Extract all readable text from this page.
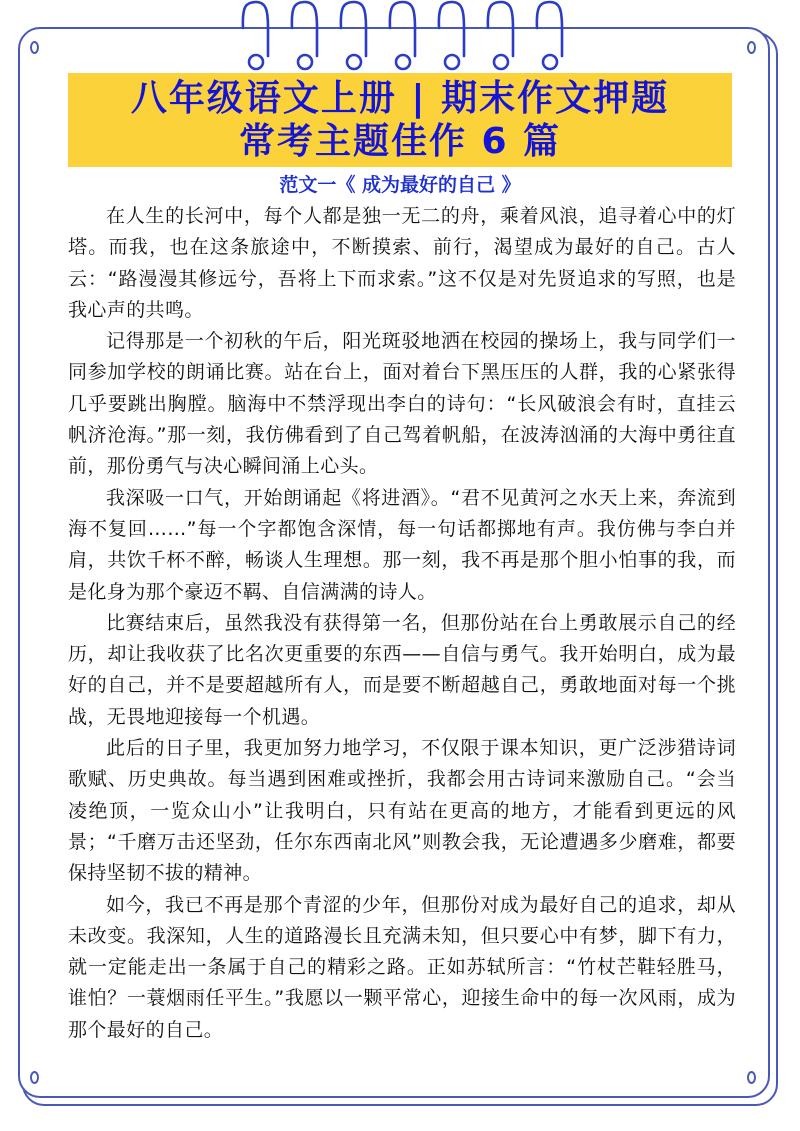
八年级语文上册 | 期末作文押题
常考主题佳作 6 篇
范文一《 成为最好的自己 》

在人生的长河中，每个人都是独一无二的舟，乘着风浪，追寻着心中的灯塔。而我，也在这条旅途中，不断摸索、前行，渴望成为最好的自己。古人云：“路漫漫其修远兮，吾将上下而求索。”这不仅是对先贤追求的写照，也是我心声的共鸣。

记得那是一个初秋的午后，阳光斑驳地洒在校园的操场上，我与同学们一同参加学校的朗诵比赛。站在台上，面对着台下黑压压的人群，我的心紧张得几乎要跳出胸膛。脑海中不禁浮现出李白的诗句：“长风破浪会有时，直挂云帆济沧海。”那一刻，我仿佛看到了自己驾着帆船，在波涛汹涌的大海中勇往直前，那份勇气与决心瞬间涌上心头。

我深吸一口气，开始朗诵起《将进酒》。“君不见黄河之水天上来，奔流到海不复回……”每一个字都饱含深情，每一句话都掷地有声。我仿佛与李白并肩，共饮千杯不醉，畅谈人生理想。那一刻，我不再是那个胆小怕事的我，而是化身为那个豪迈不羁、自信满满的诗人。

比赛结束后，虽然我没有获得第一名，但那份站在台上勇敢展示自己的经历，却让我收获了比名次更重要的东西——自信与勇气。我开始明白，成为最好的自己，并不是要超越所有人，而是要不断超越自己，勇敢地面对每一个挑战，无畏地迎接每一个机遇。

此后的日子里，我更加努力地学习，不仅限于课本知识，更广泛涉猎诗词歌赋、历史典故。每当遇到困难或挫折，我都会用古诗词来激励自己。“会当凌绝顶，一览众山小”让我明白，只有站在更高的地方，才能看到更远的风景；“千磨万击还坚劲，任尔东西南北风”则教会我，无论遭遇多少磨难，都要保持坚韧不拔的精神。

如今，我已不再是那个青涩的少年，但那份对成为最好自己的追求，却从未改变。我深知，人生的道路漫长且充满未知，但只要心中有梦，脚下有力，就一定能走出一条属于自己的精彩之路。正如苏轼所言：“竹杖芒鞋轻胜马，谁怕？一蓑烟雨任平生。”我愿以一颗平常心，迎接生命中的每一次风雨，成为那个最好的自己。
